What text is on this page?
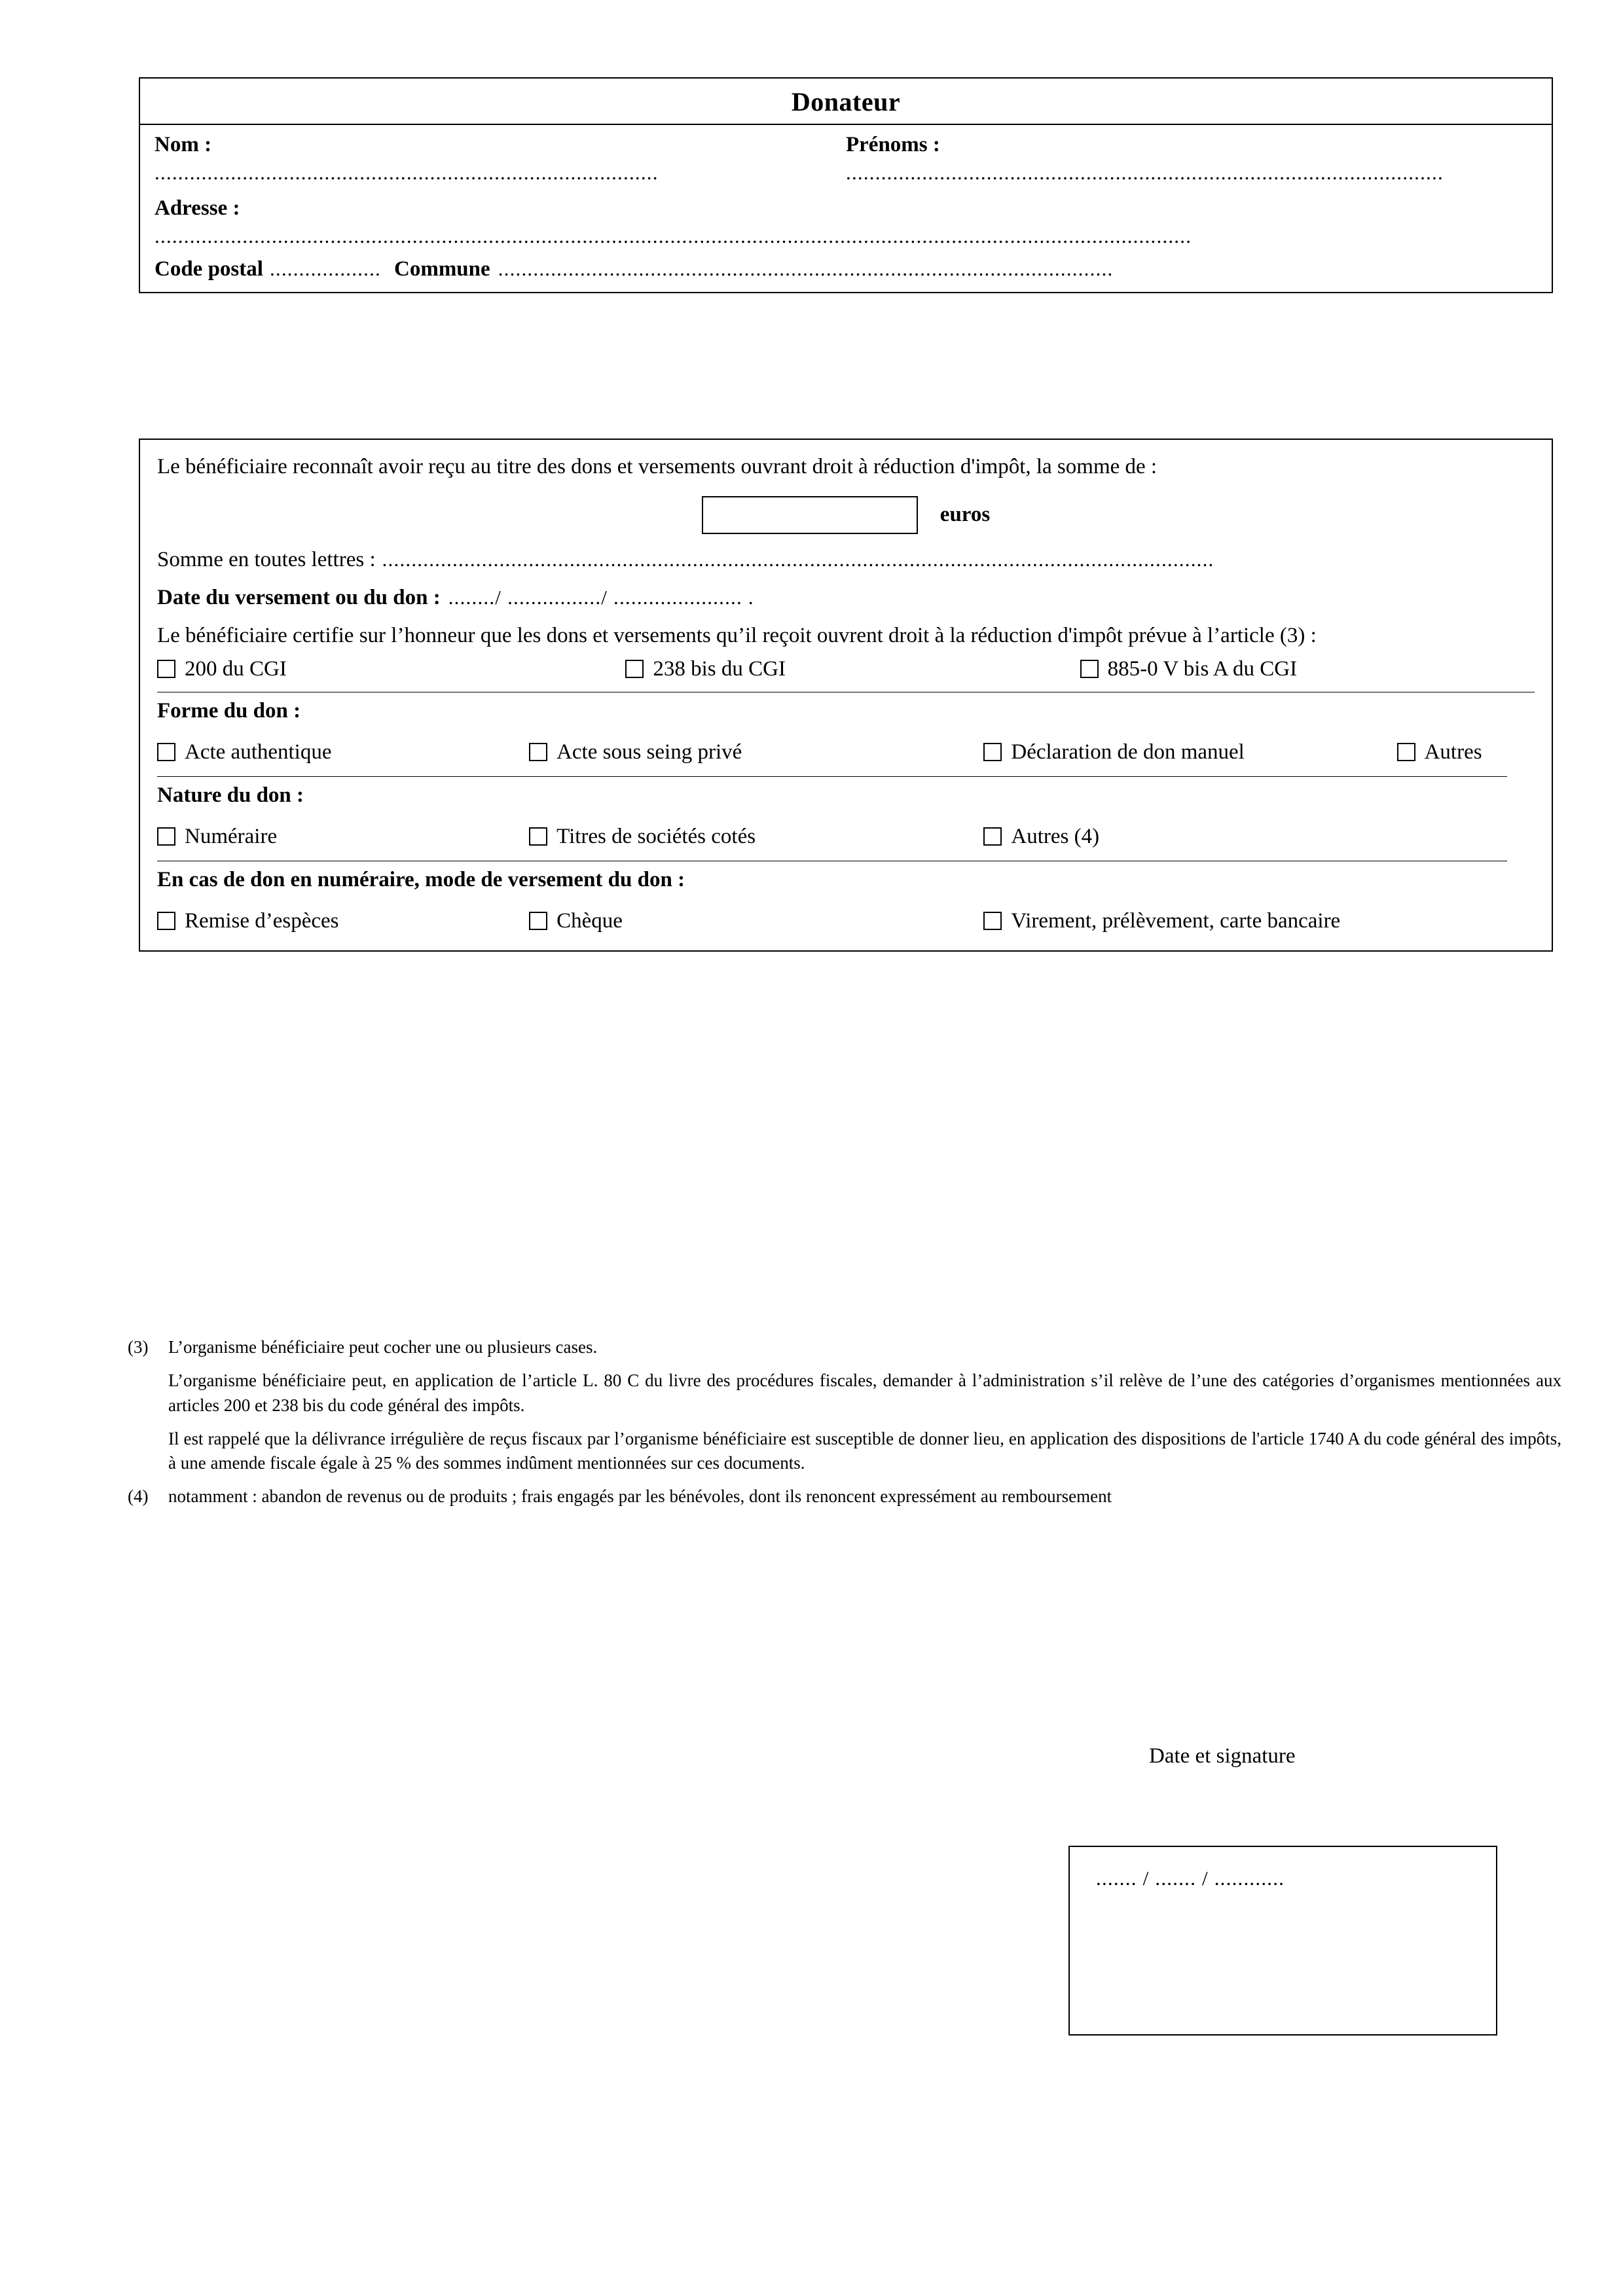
Donateur
Nom :	Prénoms :
......................................................................................	......................................................................................................
Adresse :
.................................................................................................................................................................................
Code postal ................... Commune .........................................................................................................
Le bénéficiaire reconnaît avoir reçu au titre des dons et versements ouvrant droit à réduction d'impôt, la somme de :
euros
Somme en toutes lettres : ..............................................................................................................................................
Date du versement ou du don : ......../ ................/ ...................... .
Le bénéficiaire certifie sur l’honneur que les dons et versements qu’il reçoit ouvrent droit à la réduction d'impôt prévue à l’article (3) :
200 du CGI	238 bis du CGI	885-0 V bis A du CGI
Forme du don :
Acte authentique	Acte sous seing privé	Déclaration de don manuel	Autres
Nature du don :
Numéraire	Titres de sociétés cotés	Autres (4)
En cas de don en numéraire, mode de versement du don :
Remise d’espèces	Chèque	Virement, prélèvement, carte bancaire
(3)	L’organisme bénéficiaire peut cocher une ou plusieurs cases.
L’organisme bénéficiaire peut, en application de l’article L. 80 C du livre des procédures fiscales, demander à l’administration s’il relève de l’une des catégories d’organismes mentionnées aux articles 200 et 238 bis du code général des impôts.
Il est rappelé que la délivrance irrégulière de reçus fiscaux par l’organisme bénéficiaire est susceptible de donner lieu, en application des dispositions de l'article 1740 A du code général des impôts, à une amende fiscale égale à 25 % des sommes indûment mentionnées sur ces documents.
(4)	notamment : abandon de revenus ou de produits ; frais engagés par les bénévoles, dont ils renoncent expressément au remboursement
Date et signature
....... / ....... / ............
